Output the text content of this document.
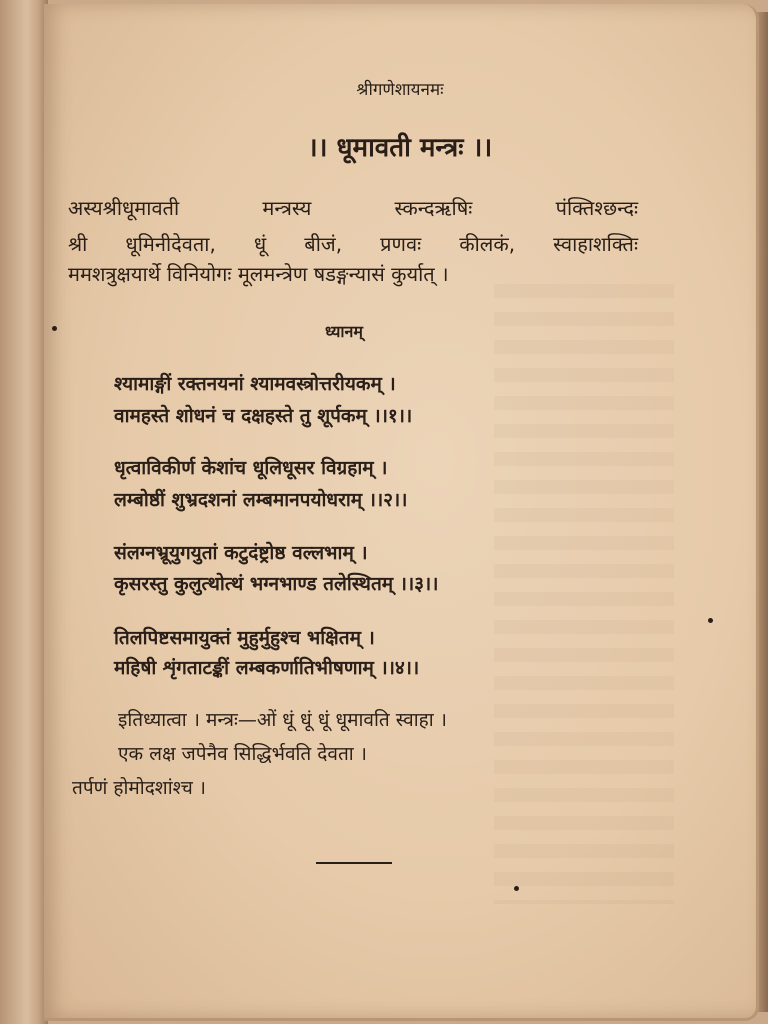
श्रीगणेशायनमः
।। धूमावती मन्त्रः ।।
अस्यश्रीधूमावती मन्त्रस्य स्कन्दऋषिः पंक्तिश्छन्दः
श्री धूमिनीदेवता, धूं बीजं, प्रणवः कीलकं, स्वाहाशक्तिः
ममशत्रुक्षयार्थे विनियोगः मूलमन्त्रेण षडङ्गन्यासं कुर्यात् ।
ध्यानम्
श्यामाङ्गीं रक्तनयनां श्यामवस्त्रोत्तरीयकम् ।
वामहस्ते शोधनं च दक्षहस्ते तु शूर्पकम् ।।१।।
धृत्वाविकीर्ण केशांच धूलिधूसर विग्रहाम् ।
लम्बोष्ठीं शुभ्रदशनां लम्बमानपयोधराम् ।।२।।
संलग्नभ्रूयुगयुतां कटुदंष्ट्रोष्ठ वल्लभाम् ।
कृसरस्तु कुलुत्थोत्थं भग्नभाण्ड तलेस्थितम् ।।३।।
तिलपिष्टसमायुक्तं मुहुर्मुहुश्च भक्षितम् ।
महिषी शृंगताटङ्कीं लम्बकर्णातिभीषणाम् ।।४।।
इतिध्यात्वा । मन्त्रः—ओं धूं धूं धूं धूमावति स्वाहा ।
एक लक्ष जपेनैव सिद्धिर्भवति देवता ।
तर्पणं होमोदशांश्च ।
